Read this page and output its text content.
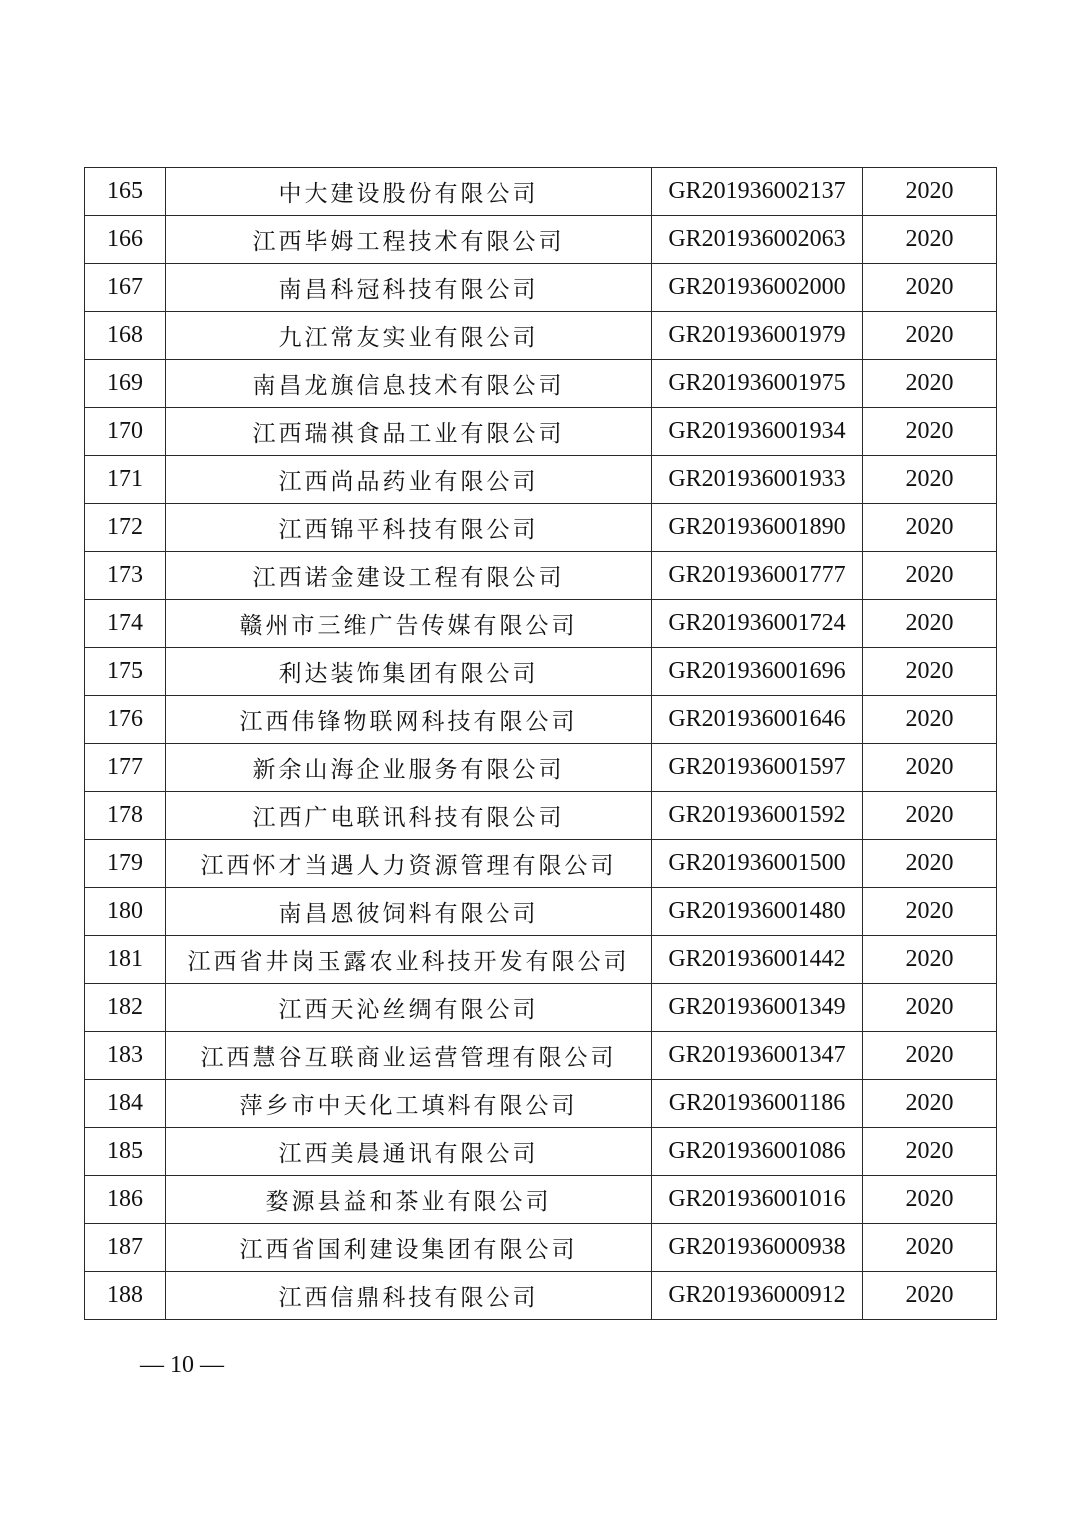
165	中大建设股份有限公司	GR201936002137	2020
166	江西毕姆工程技术有限公司	GR201936002063	2020
167	南昌科冠科技有限公司	GR201936002000	2020
168	九江常友实业有限公司	GR201936001979	2020
169	南昌龙旗信息技术有限公司	GR201936001975	2020
170	江西瑞祺食品工业有限公司	GR201936001934	2020
171	江西尚品药业有限公司	GR201936001933	2020
172	江西锦平科技有限公司	GR201936001890	2020
173	江西诺金建设工程有限公司	GR201936001777	2020
174	赣州市三维广告传媒有限公司	GR201936001724	2020
175	利达装饰集团有限公司	GR201936001696	2020
176	江西伟锋物联网科技有限公司	GR201936001646	2020
177	新余山海企业服务有限公司	GR201936001597	2020
178	江西广电联讯科技有限公司	GR201936001592	2020
179	江西怀才当遇人力资源管理有限公司	GR201936001500	2020
180	南昌恩彼饲料有限公司	GR201936001480	2020
181	江西省井岗玉露农业科技开发有限公司	GR201936001442	2020
182	江西天沁丝绸有限公司	GR201936001349	2020
183	江西慧谷互联商业运营管理有限公司	GR201936001347	2020
184	萍乡市中天化工填料有限公司	GR201936001186	2020
185	江西美晨通讯有限公司	GR201936001086	2020
186	婺源县益和茶业有限公司	GR201936001016	2020
187	江西省国利建设集团有限公司	GR201936000938	2020
188	江西信鼎科技有限公司	GR201936000912	2020
— 10 —
